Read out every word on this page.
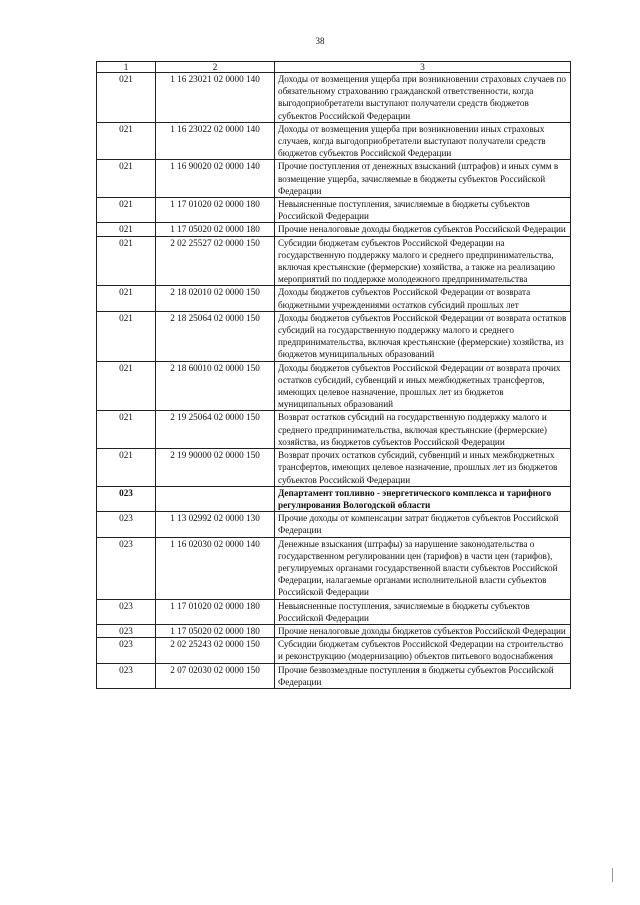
38
1	2	3
021	1 16 23021 02 0000 140	Доходы от возмещения ущерба при возникновении страховых случаев по обязательному страхованию гражданской ответственности, когда выгодоприобретатели выступают получатели средств бюджетов субъектов Российской Федерации
021	1 16 23022 02 0000 140	Доходы от возмещения ущерба при возникновении иных страховых случаев, когда выгодоприобретатели выступают получатели средств бюджетов субъектов Российской Федерации
021	1 16 90020 02 0000 140	Прочие поступления от денежных взысканий (штрафов) и иных сумм в возмещение ущерба, зачисляемые в бюджеты субъектов Российской Федерации
021	1 17 01020 02 0000 180	Невыясненные поступления, зачисляемые в бюджеты субъектов Российской Федерации
021	1 17 05020 02 0000 180	Прочие неналоговые доходы бюджетов субъектов Российской Федерации
021	2 02 25527 02 0000 150	Субсидии бюджетам субъектов Российской Федерации на государственную поддержку малого и среднего предпринимательства, включая крестьянские (фермерские) хозяйства, а также на реализацию мероприятий по поддержке молодежного предпринимательства
021	2 18 02010 02 0000 150	Доходы бюджетов субъектов Российской Федерации от возврата бюджетными учреждениями остатков субсидий прошлых лет
021	2 18 25064 02 0000 150	Доходы бюджетов субъектов Российской Федерации от возврата остатков субсидий на государственную поддержку малого и среднего предпринимательства, включая крестьянские (фермерские) хозяйства, из бюджетов муниципальных образований
021	2 18 60010 02 0000 150	Доходы бюджетов субъектов Российской Федерации от возврата прочих остатков субсидий, субвенций и иных межбюджетных трансфертов, имеющих целевое назначение, прошлых лет из бюджетов муниципальных образований
021	2 19 25064 02 0000 150	Возврат остатков субсидий на государственную поддержку малого и среднего предпринимательства, включая крестьянские (фермерские) хозяйства, из бюджетов субъектов Российской Федерации
021	2 19 90000 02 0000 150	Возврат прочих остатков субсидий, субвенций и иных межбюджетных трансфертов, имеющих целевое назначение, прошлых лет из бюджетов субъектов Российской Федерации
023		Департамент топливно - энергетического комплекса и тарифного регулирования Вологодской области
023	1 13 02992 02 0000 130	Прочие доходы от компенсации затрат бюджетов субъектов Российской Федерации
023	1 16 02030 02 0000 140	Денежные взыскания (штрафы) за нарушение законодательства о государственном регулировании цен (тарифов) в части цен (тарифов), регулируемых органами государственной власти субъектов Российской Федерации, налагаемые органами исполнительной власти субъектов Российской Федерации
023	1 17 01020 02 0000 180	Невыясненные поступления, зачисляемые в бюджеты субъектов Российской Федерации
023	1 17 05020 02 0000 180	Прочие неналоговые доходы бюджетов субъектов Российской Федерации
023	2 02 25243 02 0000 150	Субсидии бюджетам субъектов Российской Федерации на строительство и реконструкцию (модернизацию) объектов питьевого водоснабжения
023	2 07 02030 02 0000 150	Прочие безвозмездные поступления в бюджеты субъектов Российской Федерации
